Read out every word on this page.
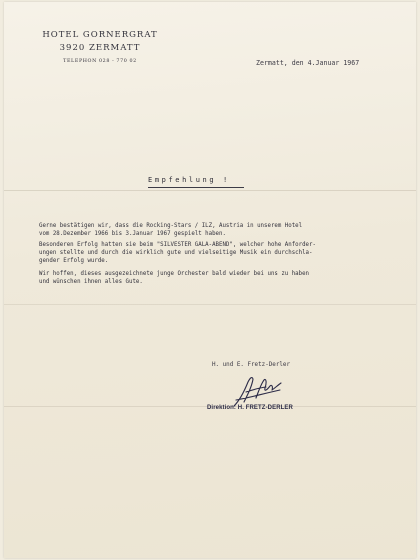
HOTEL GORNERGRAT
3920 ZERMATT
TELEPHON 028 - 770 02	Zermatt, den 4.Januar 1967
Empfehlung !
Gerne bestätigen wir, dass die Rocking-Stars / ILZ, Austria in unserem Hotel
vom 28.Dezember 1966 bis 3.Januar 1967 gespielt haben.
Besonderen Erfolg hatten sie beim "SILVESTER GALA-ABEND", welcher hohe Anforder-
ungen stellte und durch die wirklich gute und vielseitige Musik ein durchschla-
gender Erfolg wurde.
Wir hoffen, dieses ausgezeichnete junge Orchester bald wieder bei uns zu haben
und wünschen ihnen alles Gute.
H. und E. Fretz-Derler
Direktion: H. FRETZ-DERLER
